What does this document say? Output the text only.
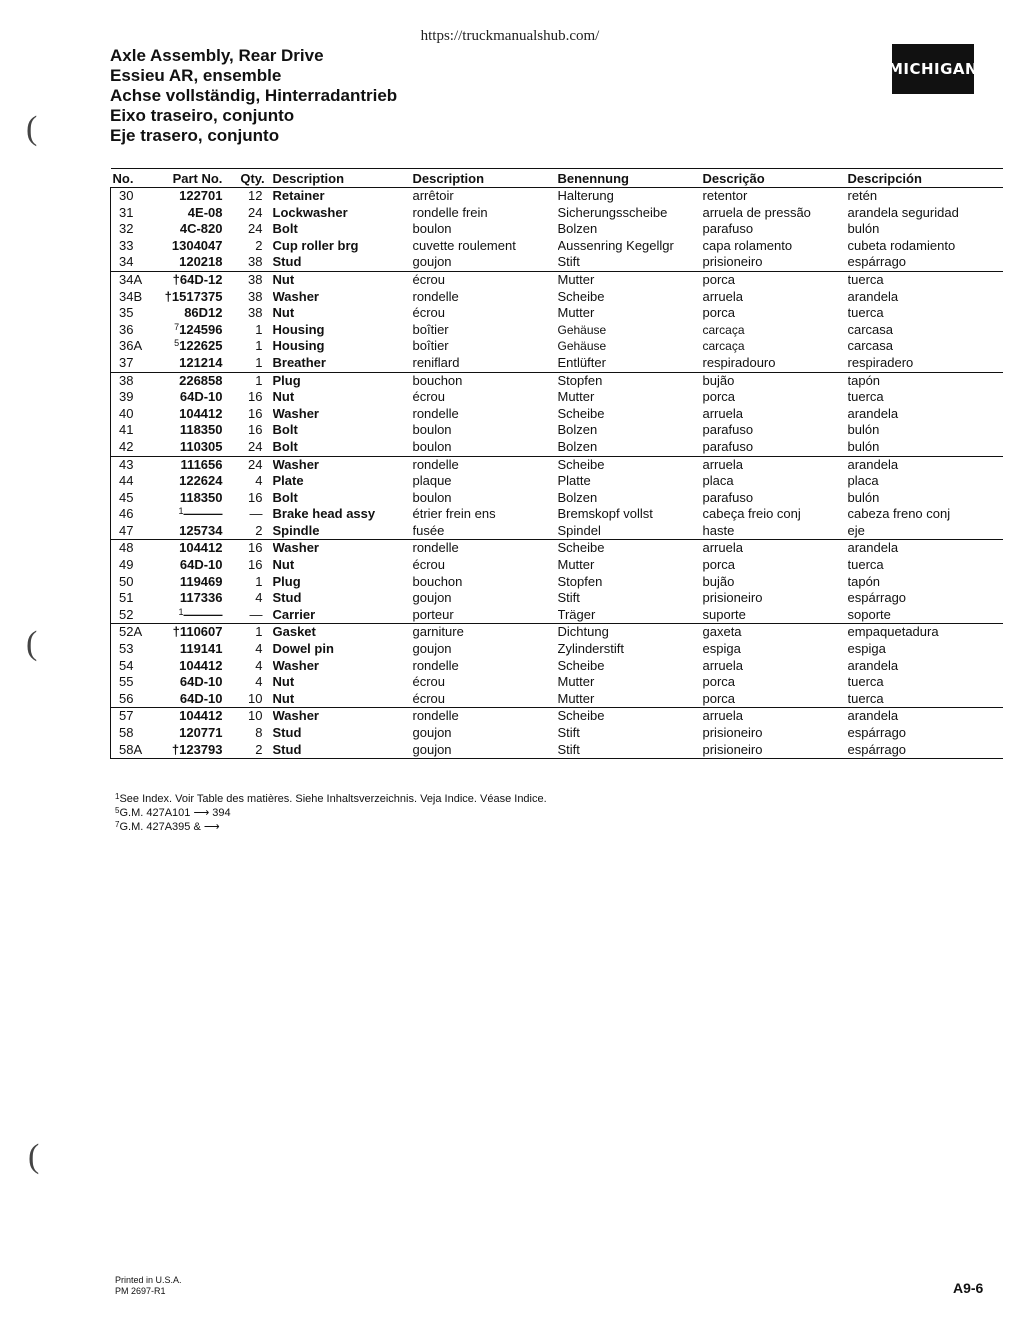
https://truckmanualshub.com/
Axle Assembly, Rear Drive
Essieu AR, ensemble
Achse vollständig, Hinterradantrieb
Eixo traseiro, conjunto
Eje trasero, conjunto
MICHIGAN
(
(
(
No.	Part No.	Qty.	Description	Description	Benennung	Descrição	Descripción
30	122701	12	Retainer	arrêtoir	Halterung	retentor	retén
31	4E-08	24	Lockwasher	rondelle frein	Sicherungsscheibe	arruela de pressão	arandela seguridad
32	4C-820	24	Bolt	boulon	Bolzen	parafuso	bulón
33	1304047	2	Cup roller brg	cuvette roulement	Aussenring Kegellgr	capa rolamento	cubeta rodamiento
34	120218	38	Stud	goujon	Stift	prisioneiro	espárrago
34A	†64D-12	38	Nut	écrou	Mutter	porca	tuerca
34B	†1517375	38	Washer	rondelle	Scheibe	arruela	arandela
35	86D12	38	Nut	écrou	Mutter	porca	tuerca
36	$^7$124596	1	Housing	boîtier	Gehäuse	carcaça	carcasa
36A	$^5$122625	1	Housing	boîtier	Gehäuse	carcaça	carcasa
37	121214	1	Breather	reniflard	Entlüfter	respiradouro	respiradero
38	226858	1	Plug	bouchon	Stopfen	bujão	tapón
39	64D-10	16	Nut	écrou	Mutter	porca	tuerca
40	104412	16	Washer	rondelle	Scheibe	arruela	arandela
41	118350	16	Bolt	boulon	Bolzen	parafuso	bulón
42	110305	24	Bolt	boulon	Bolzen	parafuso	bulón
43	111656	24	Washer	rondelle	Scheibe	arruela	arandela
44	122624	4	Plate	plaque	Platte	placa	placa
45	118350	16	Bolt	boulon	Bolzen	parafuso	bulón
46	$^1$———	—	Brake head assy	étrier frein ens	Bremskopf vollst	cabeça freio conj	cabeza freno conj
47	125734	2	Spindle	fusée	Spindel	haste	eje
48	104412	16	Washer	rondelle	Scheibe	arruela	arandela
49	64D-10	16	Nut	écrou	Mutter	porca	tuerca
50	119469	1	Plug	bouchon	Stopfen	bujão	tapón
51	117336	4	Stud	goujon	Stift	prisioneiro	espárrago
52	$^1$———	—	Carrier	porteur	Träger	suporte	soporte
52A	†110607	1	Gasket	garniture	Dichtung	gaxeta	empaquetadura
53	119141	4	Dowel pin	goujon	Zylinderstift	espiga	espiga
54	104412	4	Washer	rondelle	Scheibe	arruela	arandela
55	64D-10	4	Nut	écrou	Mutter	porca	tuerca
56	64D-10	10	Nut	écrou	Mutter	porca	tuerca
57	104412	10	Washer	rondelle	Scheibe	arruela	arandela
58	120771	8	Stud	goujon	Stift	prisioneiro	espárrago
58A	†123793	2	Stud	goujon	Stift	prisioneiro	espárrago
$^1$See Index. Voir Table des matières. Siehe Inhaltsverzeichnis. Veja Indice. Véase Indice.
$^5$G.M. 427A101 ⟶ 394
$^7$G.M. 427A395 & ⟶
Printed in U.S.A.
PM 2697-R1	A9-6
